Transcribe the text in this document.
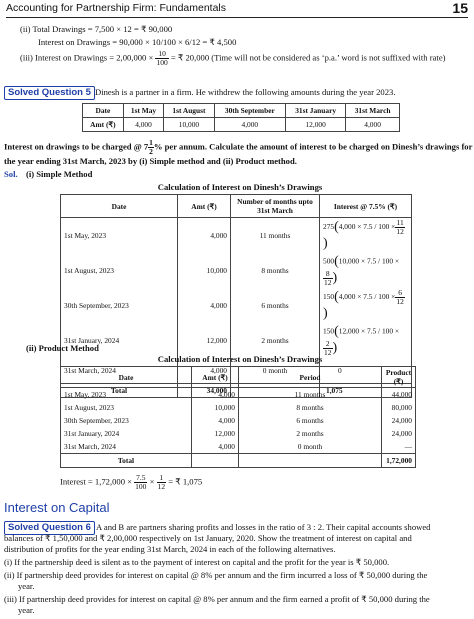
Accounting for Partnership Firm: Fundamentals	15
(ii) Total Drawings = 7,500 × 12 = ₹ 90,000
Interest on Drawings = 90,000 × 10/100 × 6/12 = ₹ 4,500
(iii) Interest on Drawings = $2,00,000 \times \frac{10}{100}$ = ₹ 20,000 (Time will not be considered as ‘p.a.’ word is not suffixed with rate)
Solved Question 5 Dinesh is a partner in a firm. He withdrew the following amounts during the year 2023.
Date	1st May	1st August	30th September	31st January	31st March
Amt (₹)	4,000	10,000	4,000	12,000	4,000
Interest on drawings to be charged @ $7 \frac{1}{2}$ % per annum. Calculate the amount of interest to be charged on Dinesh’s drawings for
the year ending 31st March, 2023 by (i) Simple method and (ii) Product method.
Sol. (i) Simple Method
Calculation of Interest on Dinesh’s Drawings
Date	Amt (₹)	Number of months upto 31st March	Interest @ 7.5% (₹)
1st May, 2023	4,000	11 months	$275(4,000 \times 7.5 / 100 \times \frac{11}{12}$
)
1st August, 2023	10,000	8 months	500(10,000 × 7.5 / 100 ×
$\frac{8}{12}$ )
30th September, 2023	4,000	6 months	$150(4,000 \times 7.5 / 100 \times \frac{6}{12}$
)
31st January, 2024	12,000	2 months	150(12,000 × 7.5 / 100 ×
$\frac{2}{12}$ )
31st March, 2024	4,000	0 month	0
Total	34,000		1,075
(ii) Product Method
Calculation of Interest on Dinesh’s Drawings
Date	Amt (₹)	Period	Product (₹)
1st May, 2023	4,000	11 months	44,000
1st August, 2023	10,000	8 months	80,000
30th September, 2023	4,000	6 months	24,000
31st January, 2024	12,000	2 months	24,000
31st March, 2024	4,000	0 month	—
Total			1,72,000
Interest = $1,72,000 \times \frac{7.5}{100} \times \frac{1}{12}$ = ₹ 1,075
Interest on Capital
Solved Question 6 A and B are partners sharing profits and losses in the ratio of 3 : 2. Their capital accounts showed
balances of ₹ 1,50,000 and ₹ 2,00,000 respectively on 1st January, 2020. Show the treatment of interest on capital and
distribution of profits for the year ending 31st March, 2024 in each of the following alternatives.
(i) If the partnership deed is silent as to the payment of interest on capital and the profit for the year is ₹ 50,000.
(ii) If partnership deed provides for interest on capital @ 8% per annum and the firm incurred a loss of ₹ 50,000 during the
year.
(iii) If partnership deed provides for interest on capital @ 8% per annum and the firm earned a profit of ₹ 50,000 during the
year.
